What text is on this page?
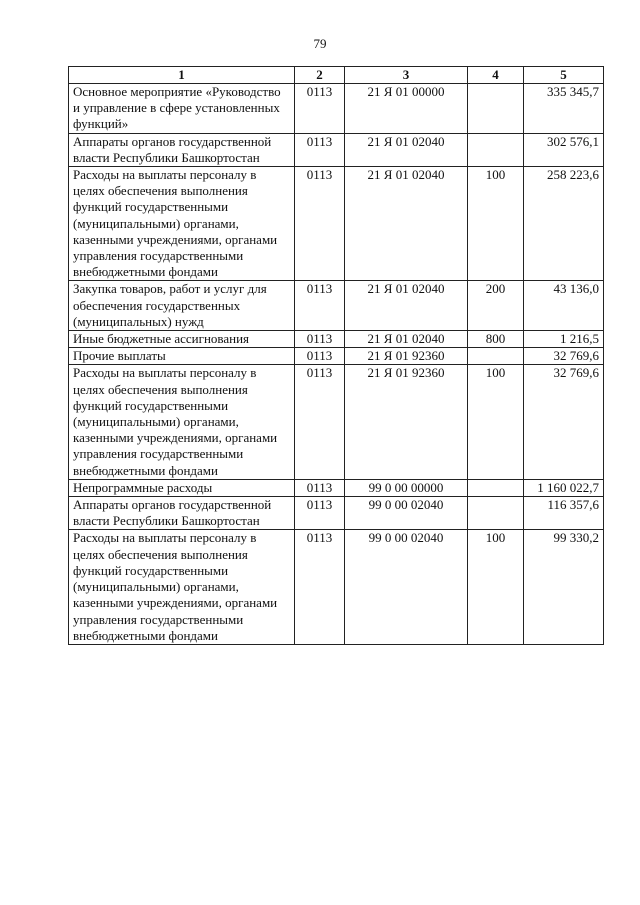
79
1	2	3	4	5
Основное мероприятие «Руководство и управление в сфере установленных функций»	0113	21 Я 01 00000		335 345,7
Аппараты органов государственной власти Республики Башкортостан	0113	21 Я 01 02040		302 576,1
Расходы на выплаты персоналу в целях обеспечения выполнения функций государственными (муниципальными) органами, казенными учреждениями, органами управления государственными внебюджетными фондами	0113	21 Я 01 02040	100	258 223,6
Закупка товаров, работ и услуг для обеспечения государственных (муниципальных) нужд	0113	21 Я 01 02040	200	43 136,0
Иные бюджетные ассигнования	0113	21 Я 01 02040	800	1 216,5
Прочие выплаты	0113	21 Я 01 92360		32 769,6
Расходы на выплаты персоналу в целях обеспечения выполнения функций государственными (муниципальными) органами, казенными учреждениями, органами управления государственными внебюджетными фондами	0113	21 Я 01 92360	100	32 769,6
Непрограммные расходы	0113	99 0 00 00000		1 160 022,7
Аппараты органов государственной власти Республики Башкортостан	0113	99 0 00 02040		116 357,6
Расходы на выплаты персоналу в целях обеспечения выполнения функций государственными (муниципальными) органами, казенными учреждениями, органами управления государственными внебюджетными фондами	0113	99 0 00 02040	100	99 330,2
